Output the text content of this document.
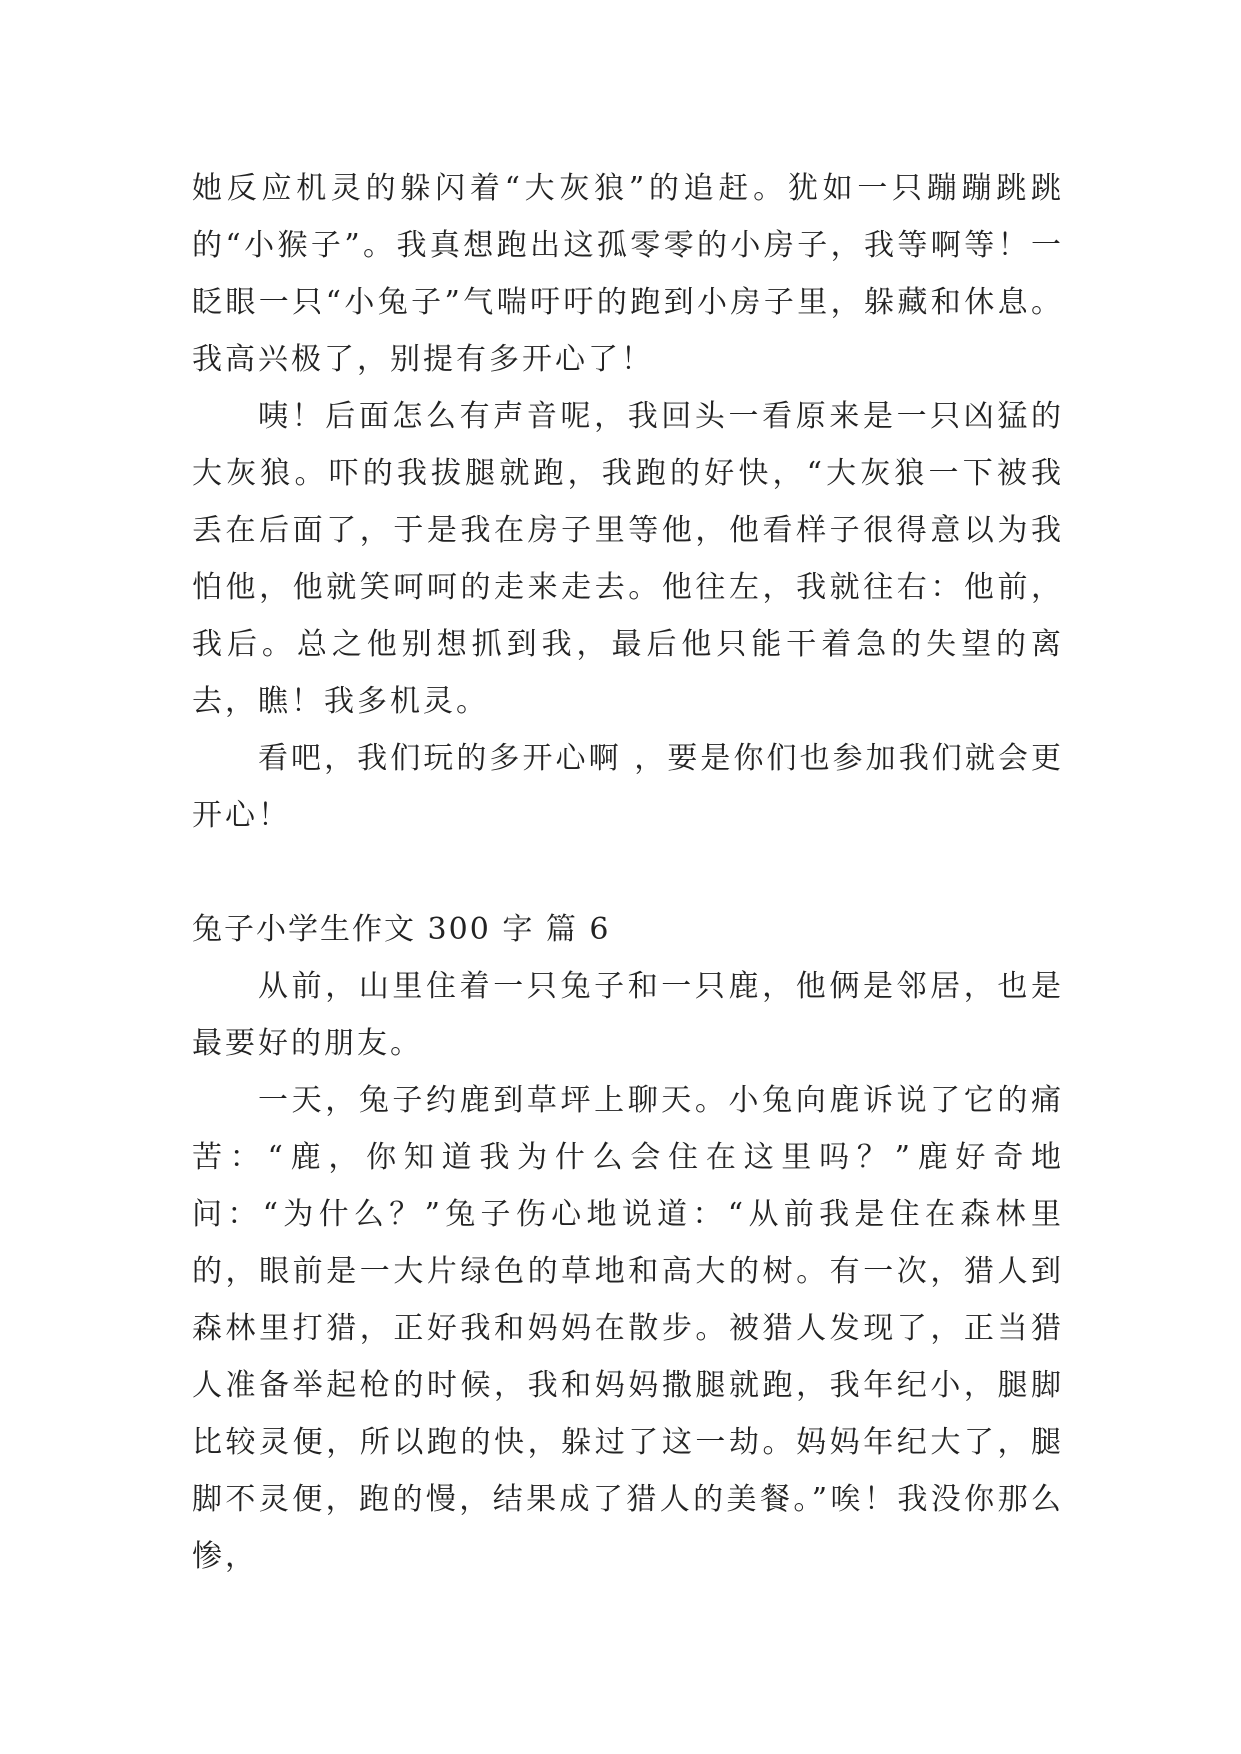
她反应机灵的躲闪着“大灰狼”的追赶。犹如一只蹦蹦跳跳的“小猴子”。我真想跑出这孤零零的小房子，我等啊等！一眨眼一只“小兔子”气喘吁吁的跑到小房子里，躲藏和休息。我高兴极了，别提有多开心了！

咦！后面怎么有声音呢，我回头一看原来是一只凶猛的大灰狼。吓的我拔腿就跑，我跑的好快，“大灰狼一下被我丢在后面了，于是我在房子里等他，他看样子很得意以为我怕他，他就笑呵呵的走来走去。他往左，我就往右：他前，我后。总之他别想抓到我，最后他只能干着急的失望的离去，瞧！我多机灵。

看吧，我们玩的多开心啊 ，要是你们也参加我们就会更开心！

兔子小学生作文 300 字 篇 6

从前，山里住着一只兔子和一只鹿，他俩是邻居，也是最要好的朋友。

一天，兔子约鹿到草坪上聊天。小兔向鹿诉说了它的痛苦：“鹿，你知道我为什么会住在这里吗？”鹿好奇地问：“为什么？”兔子伤心地说道：“从前我是住在森林里的，眼前是一大片绿色的草地和高大的树。有一次，猎人到森林里打猎，正好我和妈妈在散步。被猎人发现了，正当猎人准备举起枪的时候，我和妈妈撒腿就跑，我年纪小，腿脚比较灵便，所以跑的快，躲过了这一劫。妈妈年纪大了，腿脚不灵便，跑的慢，结果成了猎人的美餐。”唉！我没你那么惨，
